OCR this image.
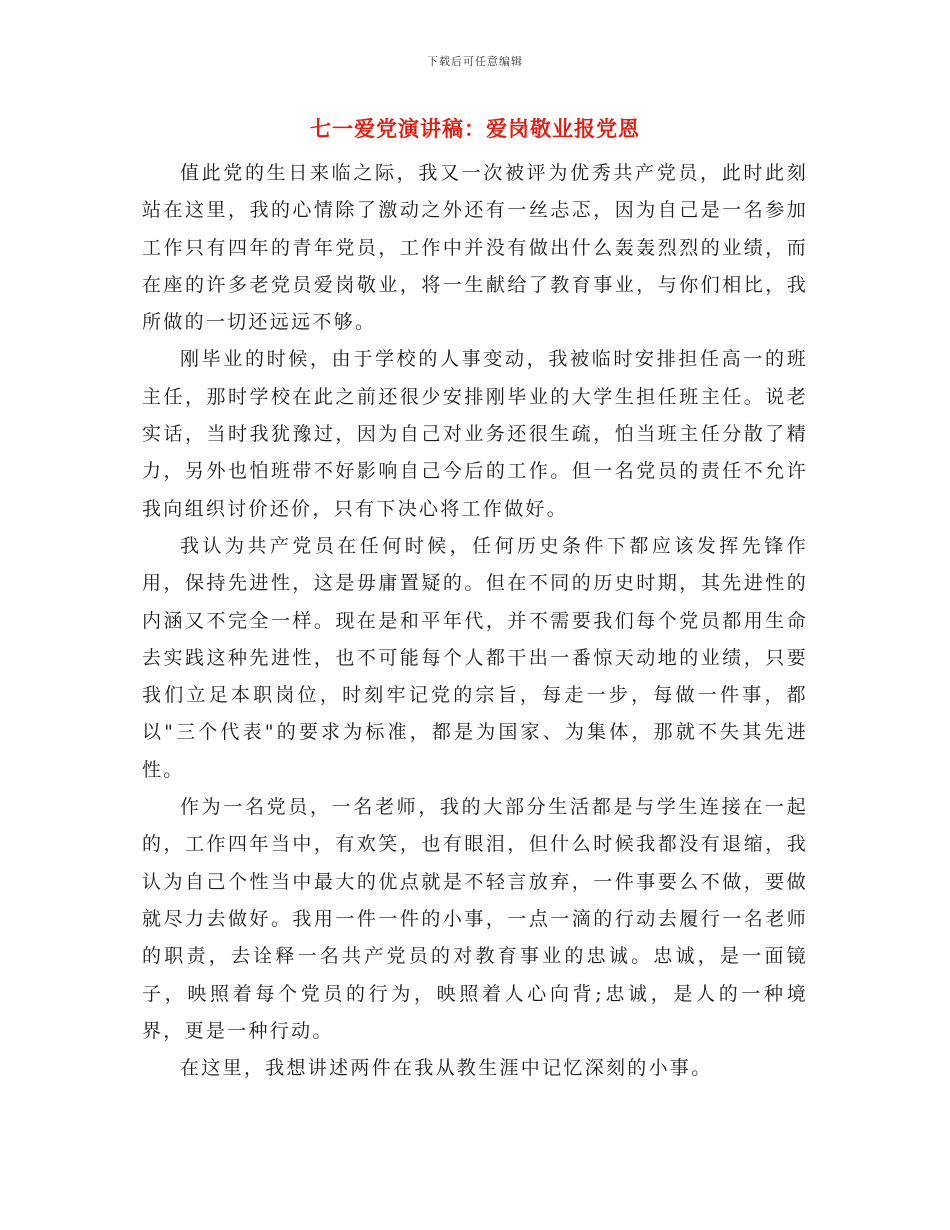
下载后可任意编辑
七一爱党演讲稿：爱岗敬业报党恩

值此党的生日来临之际，我又一次被评为优秀共产党员，此时此刻站在这里，我的心情除了激动之外还有一丝忐忑，因为自己是一名参加工作只有四年的青年党员，工作中并没有做出什么轰轰烈烈的业绩，而在座的许多老党员爱岗敬业，将一生献给了教育事业，与你们相比，我所做的一切还远远不够。

刚毕业的时候，由于学校的人事变动，我被临时安排担任高一的班主任，那时学校在此之前还很少安排刚毕业的大学生担任班主任。说老实话，当时我犹豫过，因为自己对业务还很生疏，怕当班主任分散了精力，另外也怕班带不好影响自己今后的工作。但一名党员的责任不允许我向组织讨价还价，只有下决心将工作做好。

我认为共产党员在任何时候，任何历史条件下都应该发挥先锋作用，保持先进性，这是毋庸置疑的。但在不同的历史时期，其先进性的内涵又不完全一样。现在是和平年代，并不需要我们每个党员都用生命去实践这种先进性，也不可能每个人都干出一番惊天动地的业绩，只要我们立足本职岗位，时刻牢记党的宗旨，每走一步，每做一件事，都以"三个代表"的要求为标准，都是为国家、为集体，那就不失其先进性。

作为一名党员，一名老师，我的大部分生活都是与学生连接在一起的，工作四年当中，有欢笑，也有眼泪，但什么时候我都没有退缩，我认为自己个性当中最大的优点就是不轻言放弃，一件事要么不做，要做就尽力去做好。我用一件一件的小事，一点一滴的行动去履行一名老师的职责，去诠释一名共产党员的对教育事业的忠诚。忠诚，是一面镜子，映照着每个党员的行为，映照着人心向背;忠诚，是人的一种境界，更是一种行动。

在这里，我想讲述两件在我从教生涯中记忆深刻的小事。
